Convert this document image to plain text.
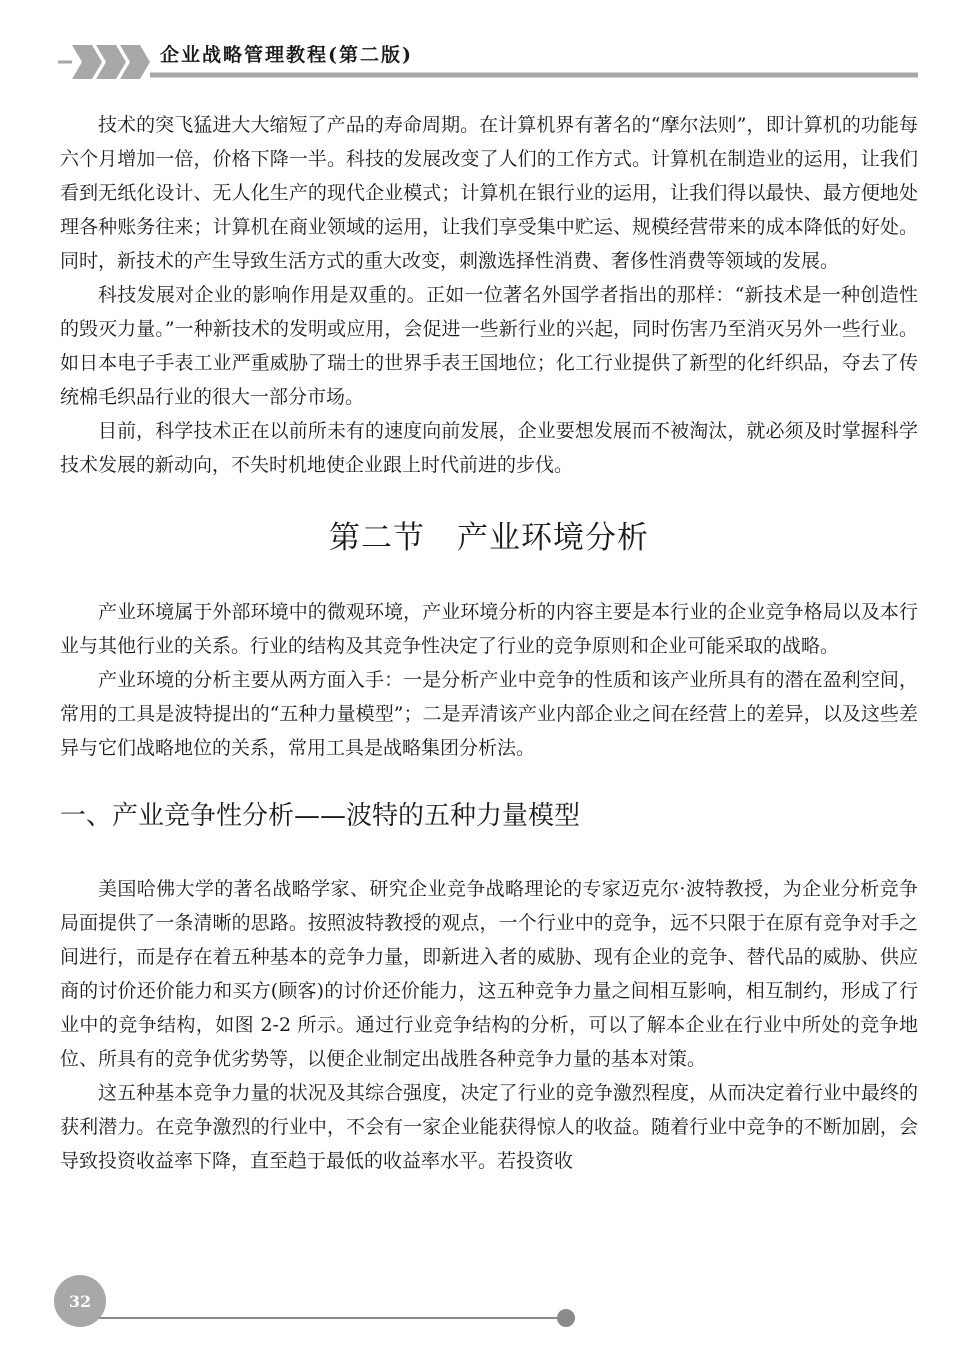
企业战略管理教程(第二版)

技术的突飞猛进大大缩短了产品的寿命周期。在计算机界有著名的“摩尔法则”，即计算机的功能每六个月增加一倍，价格下降一半。科技的发展改变了人们的工作方式。计算机在制造业的运用，让我们看到无纸化设计、无人化生产的现代企业模式；计算机在银行业的运用，让我们得以最快、最方便地处理各种账务往来；计算机在商业领域的运用，让我们享受集中贮运、规模经营带来的成本降低的好处。同时，新技术的产生导致生活方式的重大改变，刺激选择性消费、奢侈性消费等领域的发展。

科技发展对企业的影响作用是双重的。正如一位著名外国学者指出的那样：“新技术是一种创造性的毁灭力量。”一种新技术的发明或应用，会促进一些新行业的兴起，同时伤害乃至消灭另外一些行业。如日本电子手表工业严重威胁了瑞士的世界手表王国地位；化工行业提供了新型的化纤织品，夺去了传统棉毛织品行业的很大一部分市场。

目前，科学技术正在以前所未有的速度向前发展，企业要想发展而不被淘汰，就必须及时掌握科学技术发展的新动向，不失时机地使企业跟上时代前进的步伐。

第二节　产业环境分析

产业环境属于外部环境中的微观环境，产业环境分析的内容主要是本行业的企业竞争格局以及本行业与其他行业的关系。行业的结构及其竞争性决定了行业的竞争原则和企业可能采取的战略。

产业环境的分析主要从两方面入手：一是分析产业中竞争的性质和该产业所具有的潜在盈利空间，常用的工具是波特提出的“五种力量模型”；二是弄清该产业内部企业之间在经营上的差异，以及这些差异与它们战略地位的关系，常用工具是战略集团分析法。

一、产业竞争性分析——波特的五种力量模型

美国哈佛大学的著名战略学家、研究企业竞争战略理论的专家迈克尔·波特教授，为企业分析竞争局面提供了一条清晰的思路。按照波特教授的观点，一个行业中的竞争，远不只限于在原有竞争对手之间进行，而是存在着五种基本的竞争力量，即新进入者的威胁、现有企业的竞争、替代品的威胁、供应商的讨价还价能力和买方(顾客)的讨价还价能力，这五种竞争力量之间相互影响，相互制约，形成了行业中的竞争结构，如图 2-2 所示。通过行业竞争结构的分析，可以了解本企业在行业中所处的竞争地位、所具有的竞争优劣势等，以便企业制定出战胜各种竞争力量的基本对策。

这五种基本竞争力量的状况及其综合强度，决定了行业的竞争激烈程度，从而决定着行业中最终的获利潜力。在竞争激烈的行业中，不会有一家企业能获得惊人的收益。随着行业中竞争的不断加剧，会导致投资收益率下降，直至趋于最低的收益率水平。若投资收

32
